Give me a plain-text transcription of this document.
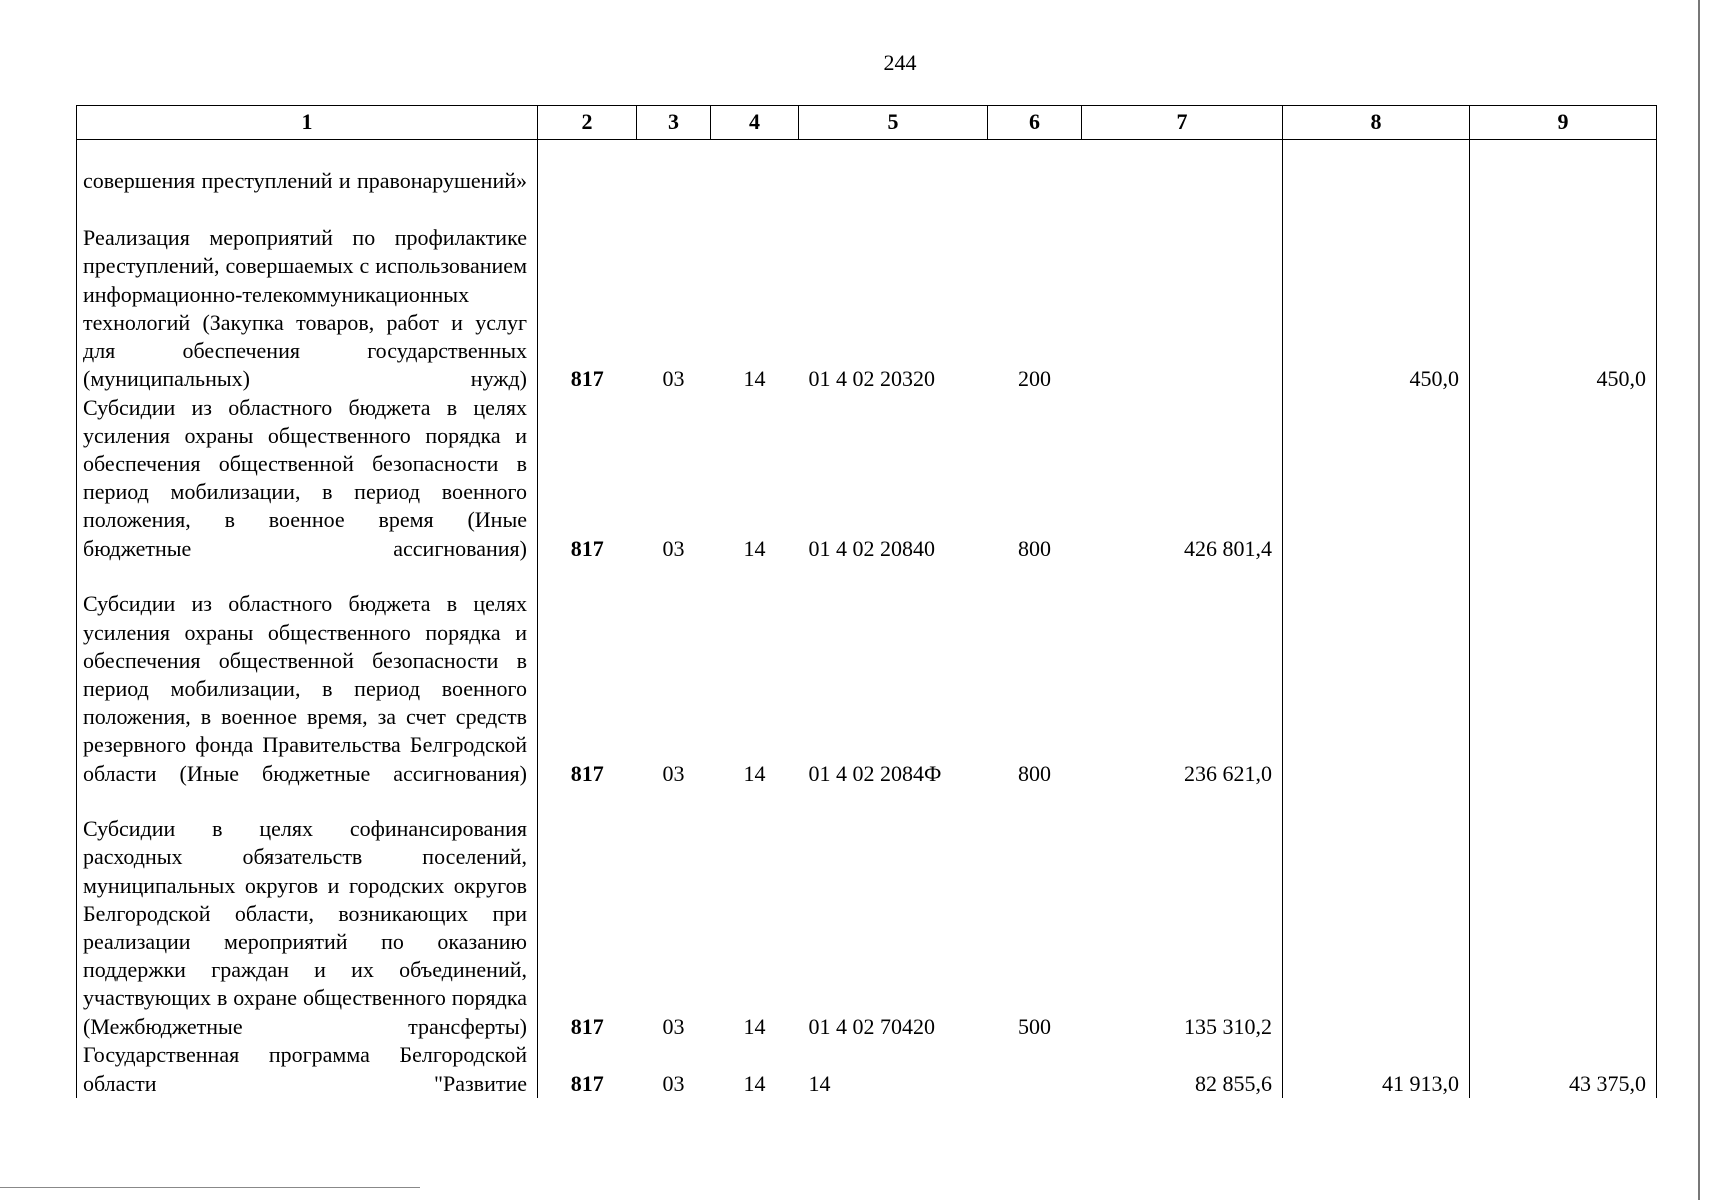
244
1	2	3	4	5	6	7	8	9
совершения преступлений и правонарушений»								
Реализация мероприятий по профилактике преступлений, совершаемых с использованием информационно-телекоммуникационных технологий (Закупка товаров, работ и услуг для обеспечения государственных (муниципальных) нужд)	817	03	14	01 4 02 20320	200		450,0	450,0
Субсидии из областного бюджета в целях усиления охраны общественного порядка и обеспечения общественной безопасности в период мобилизации, в период военного положения, в военное время (Иные бюджетные ассигнования)	817	03	14	01 4 02 20840	800	426 801,4		
Субсидии из областного бюджета в целях усиления охраны общественного порядка и обеспечения общественной безопасности в период мобилизации, в период военного положения, в военное время, за счет средств резервного фонда Правительства Белгродской области (Иные бюджетные ассигнования)	817	03	14	01 4 02 2084Ф	800	236 621,0		
Субсидии в целях софинансирования расходных обязательств поселений, муниципальных округов и городских округов Белгородской области, возникающих при реализации мероприятий по оказанию поддержки граждан и их объединений, участвующих в охране общественного порядка (Межбюджетные трансферты)	817	03	14	01 4 02 70420	500	135 310,2		
Государственная программа Белгородской области "Развитие	817	03	14	14		82 855,6	41 913,0	43 375,0
